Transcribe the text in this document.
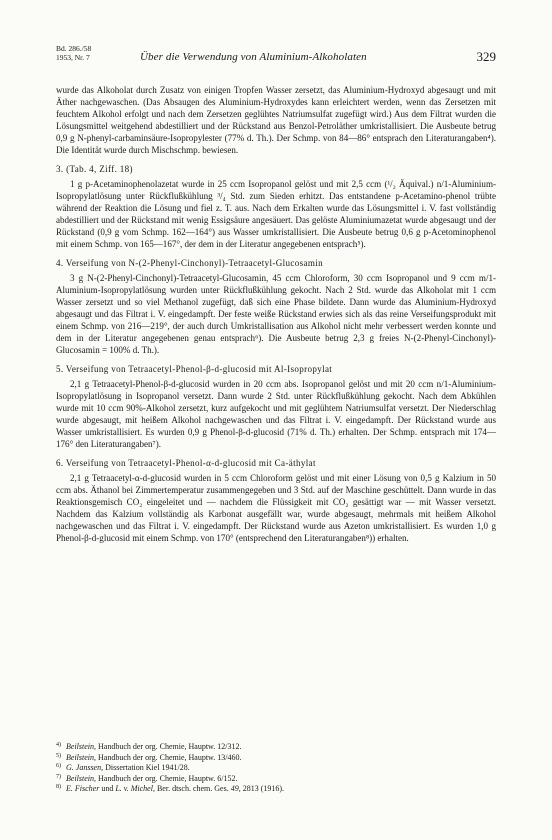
Bd. 286./58
1953, Nr. 7	Über die Verwendung von Aluminium-Alkoholaten	329

wurde das Alkoholat durch Zusatz von einigen Tropfen Wasser zersetzt, das Aluminium-Hydroxyd abgesaugt und mit Äther nachgewaschen. (Das Absaugen des Aluminium-Hydroxydes kann erleichtert werden, wenn das Zersetzen mit feuchtem Alkohol erfolgt und nach dem Zersetzen geglühtes Natriumsulfat zugefügt wird.) Aus dem Filtrat wurden die Lösungsmittel weitgehend abdestilliert und der Rückstand aus Benzol-Petroläther umkristallisiert. Die Ausbeute betrug 0,9 g N-phenyl-carbaminsäure-Isopropylester (77% d. Th.). Der Schmp. von 84—86° entsprach den Literaturangaben⁴). Die Identität wurde durch Mischschmp. bewiesen.

3. (Tab. 4, Ziff. 18)

1 g p-Acetaminophenolazetat wurde in 25 ccm Isopropanol gelöst und mit 2,5 ccm (¹/₂ Äquival.) n/1-Aluminium-Isopropylatlösung unter Rückflußkühlung ³/₄ Std. zum Sieden erhitzt. Das entstandene p-Acetamino-phenol trübte während der Reaktion die Lösung und fiel z. T. aus. Nach dem Erkalten wurde das Lösungsmittel i. V. fast vollständig abdestilliert und der Rückstand mit wenig Essigsäure angesäuert. Das gelöste Aluminiumazetat wurde abgesaugt und der Rückstand (0,9 g vom Schmp. 162—164°) aus Wasser umkristallisiert. Die Ausbeute betrug 0,6 g p-Acetominophenol mit einem Schmp. von 165—167°, der dem in der Literatur angegebenen entsprach⁵).

4. Verseifung von N-(2-Phenyl-Cinchonyl)-Tetraacetyl-Glucosamin

3 g N-(2-Phenyl-Cinchonyl)-Tetraacetyl-Glucosamin, 45 ccm Chloroform, 30 ccm Isopropanol und 9 ccm m/1-Aluminium-Isopropylatlösung wurden unter Rückflußkühlung gekocht. Nach 2 Std. wurde das Alkoholat mit 1 ccm Wasser zersetzt und so viel Methanol zugefügt, daß sich eine Phase bildete. Dann wurde das Aluminium-Hydroxyd abgesaugt und das Filtrat i. V. eingedampft. Der feste weiße Rückstand erwies sich als das reine Verseifungsprodukt mit einem Schmp. von 216—219°, der auch durch Umkristallisation aus Alkohol nicht mehr verbessert werden konnte und dem in der Literatur angegebenen genau entsprach⁶). Die Ausbeute betrug 2,3 g freies N-(2-Phenyl-Cinchonyl)-Glucosamin = 100% d. Th.).

5. Verseifung von Tetraacetyl-Phenol-β-d-glucosid mit Al-Isopropylat

2,1 g Tetraacetyl-Phenol-β-d-glucosid wurden in 20 ccm abs. Isopropanol gelöst und mit 20 ccm n/1-Aluminium-Isopropylatlösung in Isopropanol versetzt. Dann wurde 2 Std. unter Rückflußkühlung gekocht. Nach dem Abkühlen wurde mit 10 ccm 90%-Alkohol zersetzt, kurz aufgekocht und mit geglühtem Natriumsulfat versetzt. Der Niederschlag wurde abgesaugt, mit heißem Alkohol nachgewaschen und das Filtrat i. V. eingedampft. Der Rückstand wurde aus Wasser umkristallisiert. Es wurden 0,9 g Phenol-β-d-glucosid (71% d. Th.) erhalten. Der Schmp. entsprach mit 174—176° den Literaturangaben⁷).

6. Verseifung von Tetraacetyl-Phenol-α-d-glucosid mit Ca-äthylat

2,1 g Tetraacetyl-α-d-glucosid wurden in 5 ccm Chloroform gelöst und mit einer Lösung von 0,5 g Kalzium in 50 ccm abs. Äthanol bei Zimmertemperatur zusammengegeben und 3 Std. auf der Maschine geschüttelt. Dann wurde in das Reaktionsgemisch CO₂ eingeleitet und — nachdem die Flüssigkeit mit CO₂ gesättigt war — mit Wasser versetzt. Nachdem das Kalzium vollständig als Karbonat ausgefällt war, wurde abgesaugt, mehrmals mit heißem Alkohol nachgewaschen und das Filtrat i. V. eingedampft. Der Rückstand wurde aus Azeton umkristallisiert. Es wurden 1,0 g Phenol-β-d-glucosid mit einem Schmp. von 170° (entsprechend den Literaturangaben⁸)) erhalten.

4) Beilstein, Handbuch der org. Chemie, Hauptw. 12/312.

5) Beilstein, Handbuch der org. Chemie, Hauptw. 13/460.

6) G. Janssen, Dissertation Kiel 1941/28.

7) Beilstein, Handbuch der org. Chemie, Hauptw. 6/152.

8) E. Fischer und L. v. Michel, Ber. dtsch. chem. Ges. 49, 2813 (1916).
